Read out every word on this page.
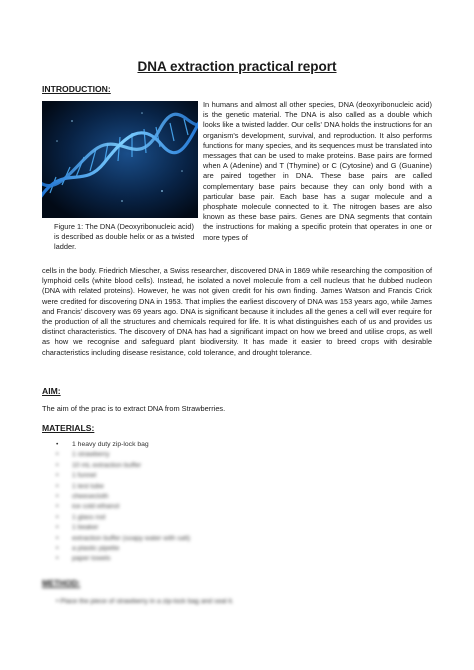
DNA extraction practical report
INTRODUCTION:
Figure 1: The DNA (Deoxyribonucleic acid) is described as double helix or as a twisted ladder.
In humans and almost all other species, DNA (deoxyribonucleic acid) is the genetic material. The DNA is also called as a double which looks like a twisted ladder. Our cells' DNA holds the instructions for an organism's development, survival, and reproduction. It also performs functions for many species, and its sequences must be translated into messages that can be used to make proteins. Base pairs are formed when A (Adenine) and T (Thymine) or C (Cytosine) and G (Guanine) are paired together in DNA. These base pairs are called complementary base pairs because they can only bond with a particular base pair. Each base has a sugar molecule and a phosphate molecule connected to it. The nitrogen bases are also known as these base pairs. Genes are DNA segments that contain the instructions for making a specific protein that operates in one or more types of
cells in the body. Friedrich Miescher, a Swiss researcher, discovered DNA in 1869 while researching the composition of lymphoid cells (white blood cells). Instead, he isolated a novel molecule from a cell nucleus that he dubbed nucleon (DNA with related proteins). However, he was not given credit for his own finding. James Watson and Francis Crick were credited for discovering DNA in 1953. That implies the earliest discovery of DNA was 153 years ago, while James and Francis' discovery was 69 years ago. DNA is significant because it includes all the genes a cell will ever require for the production of all the structures and chemicals required for life. It is what distinguishes each of us and provides us distinct characteristics. The discovery of DNA has had a significant impact on how we breed and utilise crops, as well as how we recognise and safeguard plant biodiversity. It has made it easier to breed crops with desirable characteristics including disease resistance, cold tolerance, and drought tolerance.
AIM:
The aim of the prac is to extract DNA from Strawberries.
MATERIALS:
• 1 heavy duty zip-lock bag
• 1 strawberry
• 10 mL extraction buffer
• 1 funnel
• 1 test tube
• cheesecloth
• ice cold ethanol
• 1 glass rod
• 1 beaker
• extraction buffer (soapy water with salt)
• a plastic pipette
• paper towels
METHOD:
• Place the piece of strawberry in a zip-lock bag and seal it.
